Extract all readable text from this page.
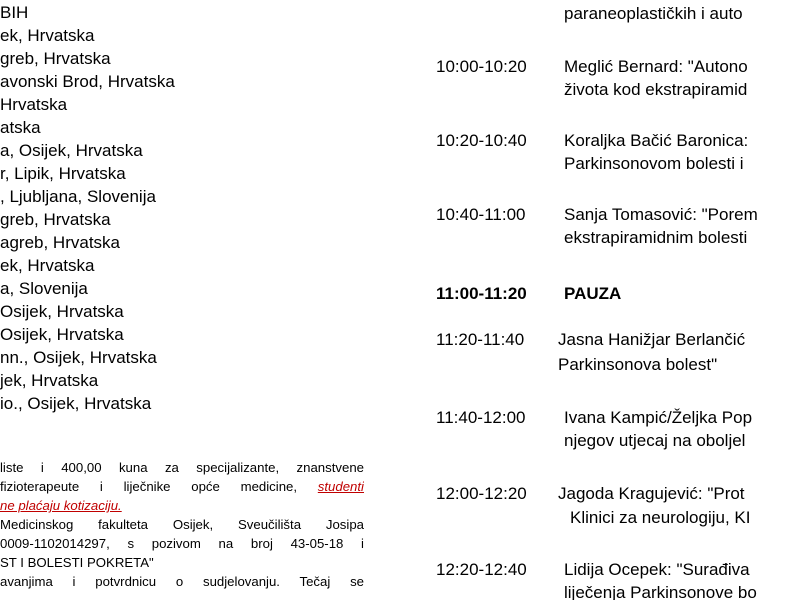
BIH
ek, Hrvatska
greb, Hrvatska
avonski Brod, Hrvatska
Hrvatska
atska
a, Osijek, Hrvatska
r, Lipik, Hrvatska
, Ljubljana, Slovenija
greb, Hrvatska
agreb, Hrvatska
ek, Hrvatska
a, Slovenija
Osijek, Hrvatska
Osijek, Hrvatska
nn., Osijek, Hrvatska
jek, Hrvatska
io., Osijek, Hrvatska
liste i 400,00 kuna za specijalizante, znanstvene
fizioterapeute i liječnike opće medicine, studenti
ne plaćaju kotizaciju.
Medicinskog fakulteta Osijek, Sveučilišta Josipa
0009-1102014297, s pozivom na broj 43-05-18 i
ST I BOLESTI POKRETA"
avanjima i potvrdnicu o sudjelovanju. Tečaj se
paraneoplastičkih i auto
10:00-10:20 Meglić Bernard: "Autono
života kod ekstrapiramid
10:20-10:40 Koraljka Bačić Baronica:
Parkinsonovom bolesti i
10:40-11:00 Sanja Tomasović: "Porem
ekstrapiramidnim bolesti
11:00-11:20 PAUZA
11:20-11:40 Jasna Hanižjar Berlančić
Parkinsonova bolest"
11:40-12:00 Ivana Kampić/Željka Pop
njegov utjecaj na oboljel
12:00-12:20 Jagoda Kragujević: "Prot
Klinici za neurologiju, KI
12:20-12:40 Lidija Ocepek: "Surađiva
liječenja Parkinsonove bo
